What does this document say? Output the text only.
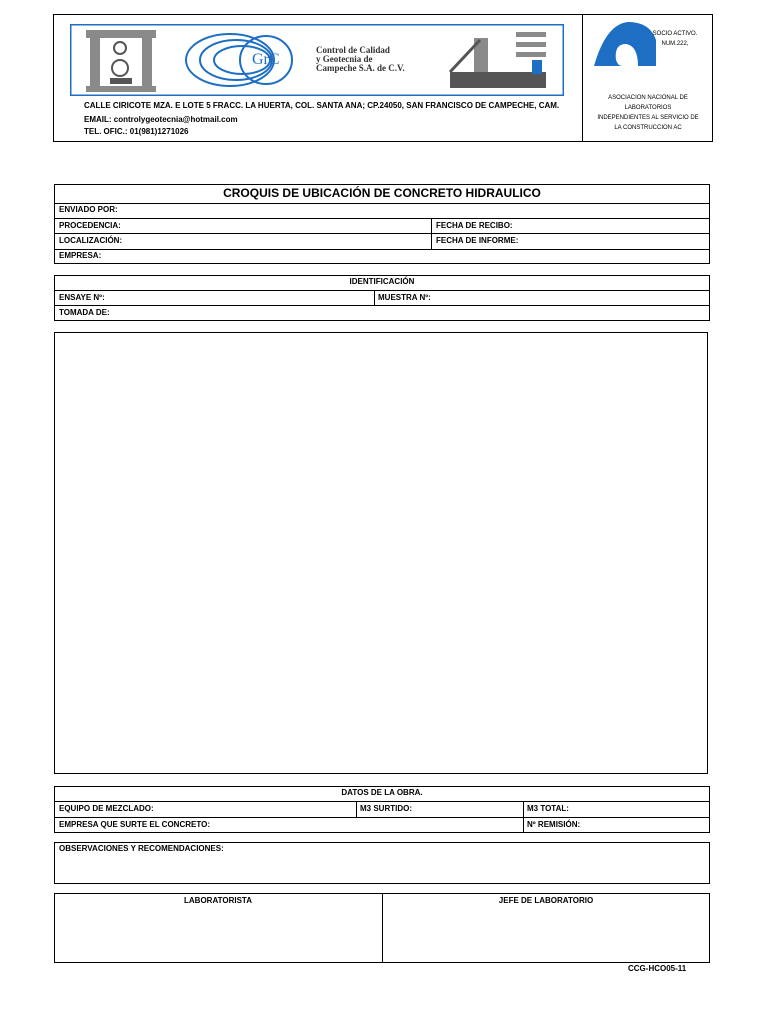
GrC
Control de Calidad
y Geotecnia de
Campeche S.A. de C.V.
CALLE CIRICOTE MZA. E LOTE 5 FRACC. LA HUERTA, COL. SANTA ANA; CP.24050, SAN FRANCISCO DE CAMPECHE, CAM.
EMAIL: controlygeotecnia@hotmail.com
TEL. OFIC.: 01(981)1271026
SOCIO ACTIVO.
NUM.222,
ASOCIACION NACIONAL DE
LABORATORIOS
INDEPENDIENTES AL SERVICIO DE
LA CONSTRUCCION AC
CROQUIS DE UBICACIÓN DE CONCRETO HIDRAULICO
ENVIADO POR:
PROCEDENCIA:	FECHA DE RECIBO:
LOCALIZACIÓN:	FECHA DE INFORME:
EMPRESA:
IDENTIFICACIÓN
ENSAYE Nº:	MUESTRA Nº:
TOMADA DE:
DATOS DE LA OBRA.
EQUIPO DE MEZCLADO:	M3 SURTIDO:	M3 TOTAL:
EMPRESA QUE SURTE EL CONCRETO:	Nº REMISIÓN:
OBSERVACIONES Y RECOMENDACIONES:
LABORATORISTA	JEFE DE LABORATORIO
CCG-HCO05-11
